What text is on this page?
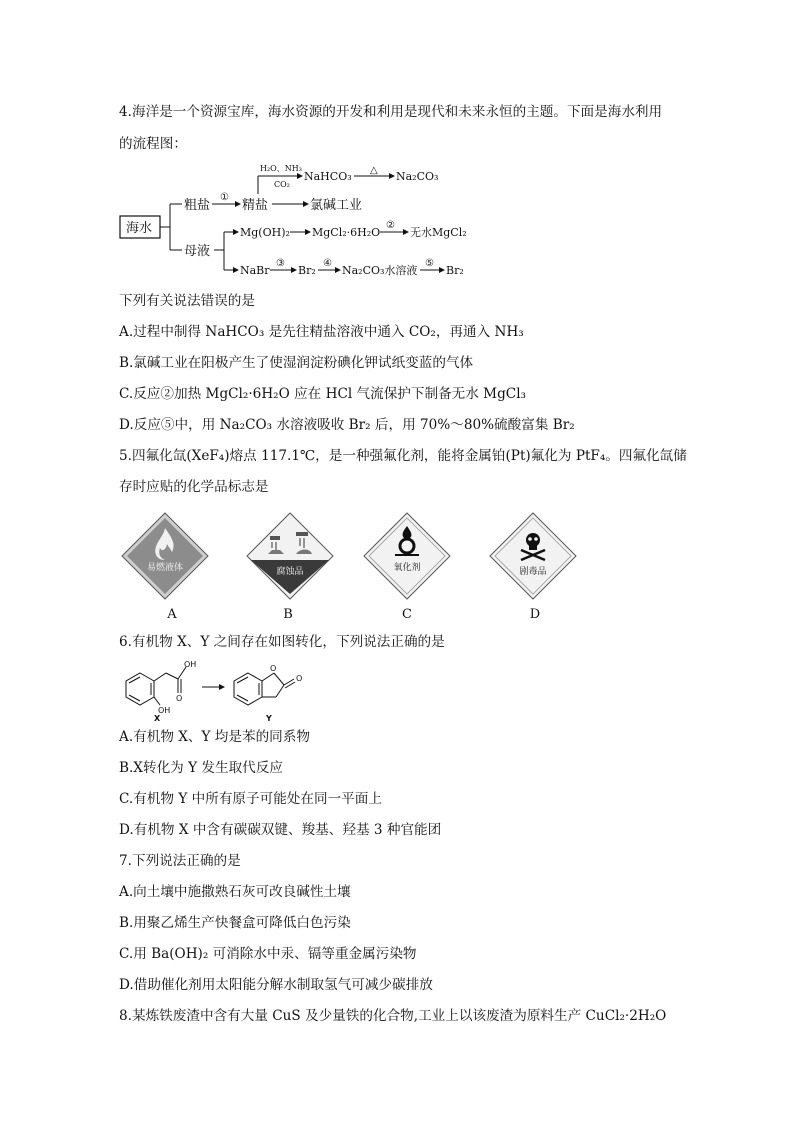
4.海洋是一个资源宝库，海水资源的开发和利用是现代和未来永恒的主题。下面是海水利用
的流程图：
海水
粗盐
母液
①
精盐
H₂O、NH₃
CO₂
NaHCO₃ △ Na₂CO₃
氯碱工业
Mg(OH)₂ MgCl₂·6H₂O
②
无水MgCl₂
NaBr
③
Br₂
④
Na₂CO₃水溶液
⑤
Br₂
下列有关说法错误的是
A.过程中制得 NaHCO₃ 是先往精盐溶液中通入 CO₂，再通入 NH₃
B.氯碱工业在阳极产生了使湿润淀粉碘化钾试纸变蓝的气体
C.反应②加热 MgCl₂·6H₂O 应在 HCl 气流保护下制备无水 MgCl₃
D.反应⑤中，用 Na₂CO₃ 水溶液吸收 Br₂ 后，用 70%～80%硫酸富集 Br₂
5.四氟化氙(XeF₄)熔点 117.1℃，是一种强氟化剂，能将金属铂(Pt)氟化为 PtF₄。四氟化氙储
存时应贴的化学品标志是
易燃液体
A
腐蚀品
B
氧化剂
C
剧毒品
D
6.有机物 X、Y 之间存在如图转化，下列说法正确的是
OH
O
OH
X
O
O
Y
A.有机物 X、Y 均是苯的同系物
B.X转化为 Y 发生取代反应
C.有机物 Y 中所有原子可能处在同一平面上
D.有机物 X 中含有碳碳双键、羧基、羟基 3 种官能团
7.下列说法正确的是
A.向土壤中施撒熟石灰可改良碱性土壤
B.用聚乙烯生产快餐盒可降低白色污染
C.用 Ba(OH)₂ 可消除水中汞、镉等重金属污染物
D.借助催化剂用太阳能分解水制取氢气可减少碳排放
8.某炼铁废渣中含有大量 CuS 及少量铁的化合物,工业上以该废渣为原料生产 CuCl₂·2H₂O
